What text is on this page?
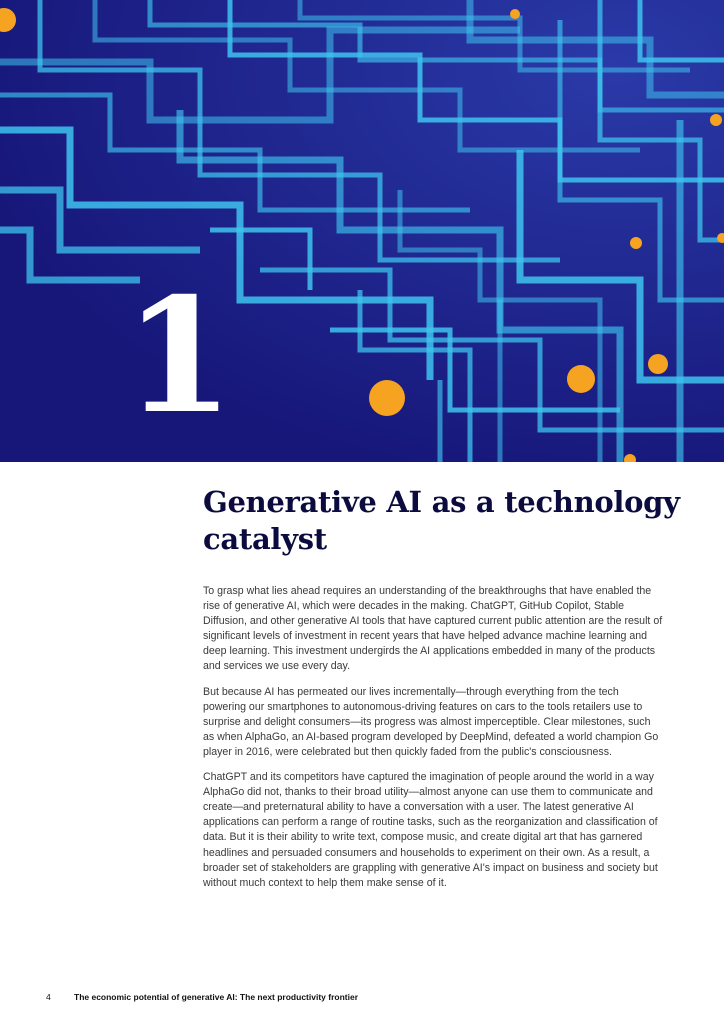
1
Generative AI as a technology catalyst

To grasp what lies ahead requires an understanding of the breakthroughs that have enabled the rise of generative AI, which were decades in the making. ChatGPT, GitHub Copilot, Stable Diffusion, and other generative AI tools that have captured current public attention are the result of significant levels of investment in recent years that have helped advance machine learning and deep learning. This investment undergirds the AI applications embedded in many of the products and services we use every day.

But because AI has permeated our lives incrementally—through everything from the tech powering our smartphones to autonomous-driving features on cars to the tools retailers use to surprise and delight consumers—its progress was almost imperceptible. Clear milestones, such as when AlphaGo, an AI-based program developed by DeepMind, defeated a world champion Go player in 2016, were celebrated but then quickly faded from the public's consciousness.

ChatGPT and its competitors have captured the imagination of people around the world in a way AlphaGo did not, thanks to their broad utility—almost anyone can use them to communicate and create—and preternatural ability to have a conversation with a user. The latest generative AI applications can perform a range of routine tasks, such as the reorganization and classification of data. But it is their ability to write text, compose music, and create digital art that has garnered headlines and persuaded consumers and households to experiment on their own. As a result, a broader set of stakeholders are grappling with generative AI's impact on business and society but without much context to help them make sense of it.

4	The economic potential of generative AI: The next productivity frontier
